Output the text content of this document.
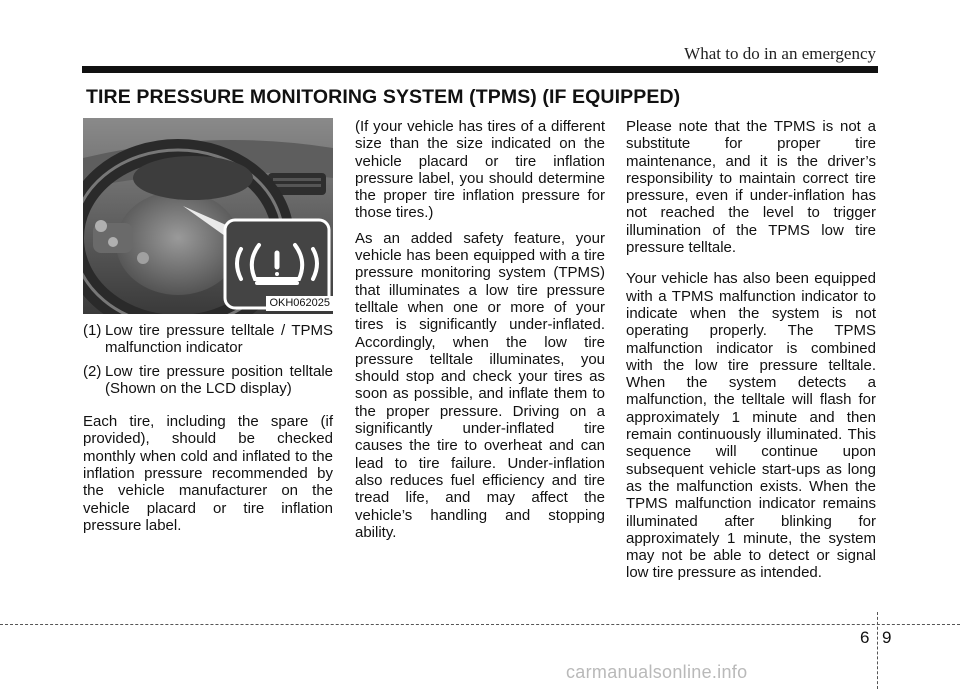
What to do in an emergency
TIRE PRESSURE MONITORING SYSTEM (TPMS) (IF EQUIPPED)
OKH062025
(1) Low tire pressure telltale / TPMS malfunction indicator
(2) Low tire pressure position telltale (Shown on the LCD display)

Each tire, including the spare (if provided), should be checked monthly when cold and inflated to the inflation pressure recommended by the vehicle manufacturer on the vehicle placard or tire inflation pressure label.

(If your vehicle has tires of a different size than the size indicated on the vehicle placard or tire inflation pressure label, you should determine the proper tire inflation pressure for those tires.)

As an added safety feature, your vehicle has been equipped with a tire pressure monitoring system (TPMS) that illuminates a low tire pressure telltale when one or more of your tires is significantly under-inflated. Accordingly, when the low tire pressure telltale illuminates, you should stop and check your tires as soon as possible, and inflate them to the proper pressure. Driving on a significantly under-inflated tire causes the tire to overheat and can lead to tire failure. Under-inflation also reduces fuel efficiency and tire tread life, and may affect the vehicle’s handling and stopping ability.

Please note that the TPMS is not a substitute for proper tire maintenance, and it is the driver’s responsibility to maintain correct tire pressure, even if under-inflation has not reached the level to trigger illumination of the TPMS low tire pressure telltale.

Your vehicle has also been equipped with a TPMS malfunction indicator to indicate when the system is not operating properly. The TPMS malfunction indicator is combined with the low tire pressure telltale. When the system detects a malfunction, the telltale will flash for approximately 1 minute and then remain continuously illuminated. This sequence will continue upon subsequent vehicle start-ups as long as the malfunction exists. When the TPMS malfunction indicator remains illuminated after blinking for approximately 1 minute, the system may not be able to detect or signal low tire pressure as intended.

6 9
carmanualsonline.info
